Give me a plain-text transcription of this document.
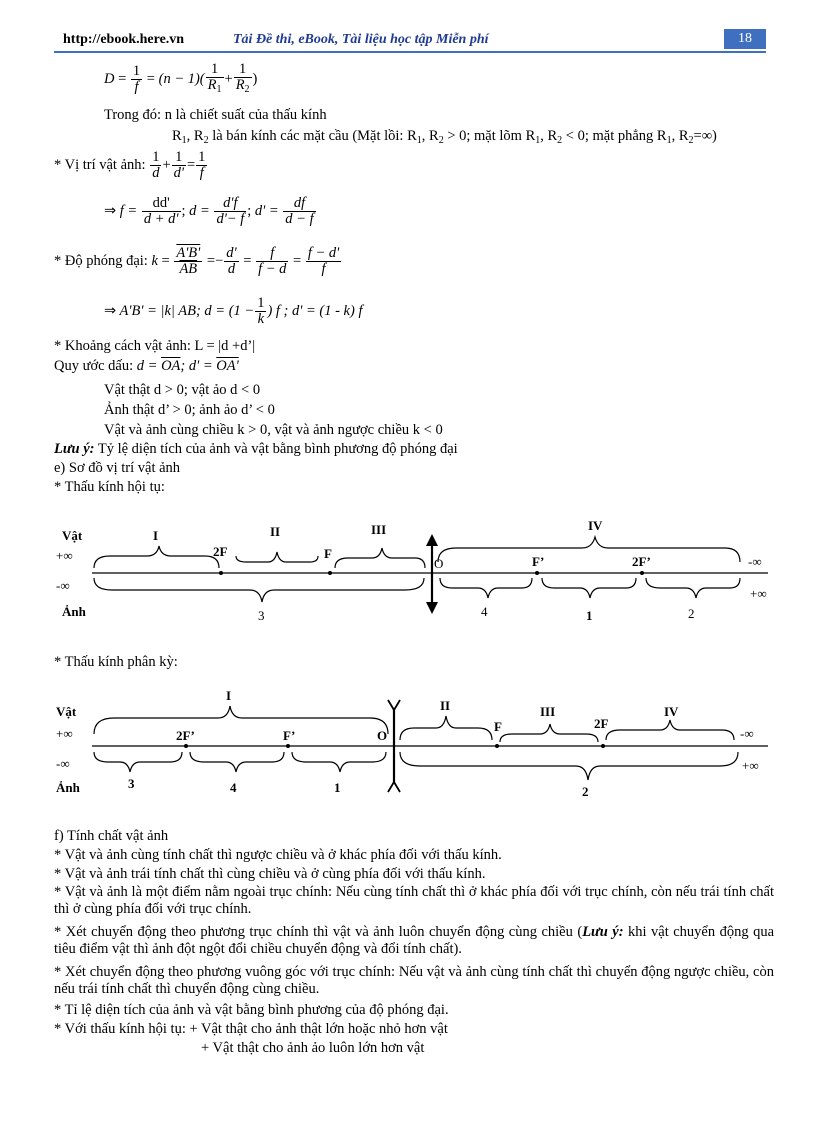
http://ebook.here.vn	Tải Đề thi, eBook, Tài liệu học tập Miễn phí	18
$D = \frac{1}{f} = (n - 1)( \frac{1}{R_1} + \frac{1}{R_2}$ )
Trong đó: n là chiết suất của thấu kính
$R_1$, $R_2$ là bán kính các mặt cầu (Mặt lồi: $R_1$, $R_2 > 0$; mặt lõm $R_1$, $R_2 < 0$; mặt phẳng $R_1$, $R_2=\infty$)
* Vị trí vật ảnh: $\frac{1}{d} + \frac{1}{d'} = \frac{1}{f}$
⇒ $f = \frac{dd'}{d + d'}$ ; $d = \frac{d'f}{d'- f}$ ; $d' = \frac{df}{d - f}$
* Độ phóng đại: $k = \frac{A'B'}{AB} =- \frac{d'}{d} = \frac{f}{f - d} = \frac{f - d'}{f}$
⇒ A'B' = |k| AB; $d = (1 - \frac{1}{k}$ ) f ; d' = (1 - k) f
* Khoảng cách vật ảnh: L = |d +d’|
Quy ước dấu: $d = \overline{OA}$; d' = OA'
Vật thật d > 0; vật ảo d < 0
Ảnh thật d’ > 0; ảnh ảo d’ < 0
Vật và ảnh cùng chiều k > 0, vật và ảnh ngược chiều k < 0
Lưu ý: Tỷ lệ diện tích của ảnh và vật bằng bình phương độ phóng đại
e) Sơ đồ vị trí vật ảnh
* Thấu kính hội tụ:
Vật
+∞
-∞
Ảnh
2F	F
O	F’	2F’	-∞
+∞
I	II	III	IV
3	4	1	2
* Thấu kính phân kỳ:
Vật
+∞
-∞
Ảnh
2F’	F’	O
F	2F
-∞
+∞
I
II	III	IV
3	4	1	2
f) Tính chất vật ảnh
* Vật và ảnh cùng tính chất thì ngược chiều và ở khác phía đối với thấu kính.
* Vật và ảnh trái tính chất thì cùng chiều và ở cùng phía đối với thấu kính.
* Vật và ảnh là một điểm nằm ngoài trục chính: Nếu cùng tính chất thì ở khác phía đối với trục chính, còn nếu trái tính chất thì ở cùng phía đối với trục chính.
* Xét chuyển động theo phương trục chính thì vật và ảnh luôn chuyển động cùng chiều (Lưu ý: khi vật chuyển động qua tiêu điểm vật thì ảnh đột ngột đổi chiều chuyển động và đổi tính chất).
* Xét chuyển động theo phương vuông góc với trục chính: Nếu vật và ảnh cùng tính chất thì chuyển động ngược chiều, còn nếu trái tính chất thì chuyển động cùng chiều.
* Tỉ lệ diện tích của ảnh và vật bằng bình phương của độ phóng đại.
* Với thấu kính hội tụ: + Vật thật cho ảnh thật lớn hoặc nhỏ hơn vật
+ Vật thật cho ảnh ảo luôn lớn hơn vật
